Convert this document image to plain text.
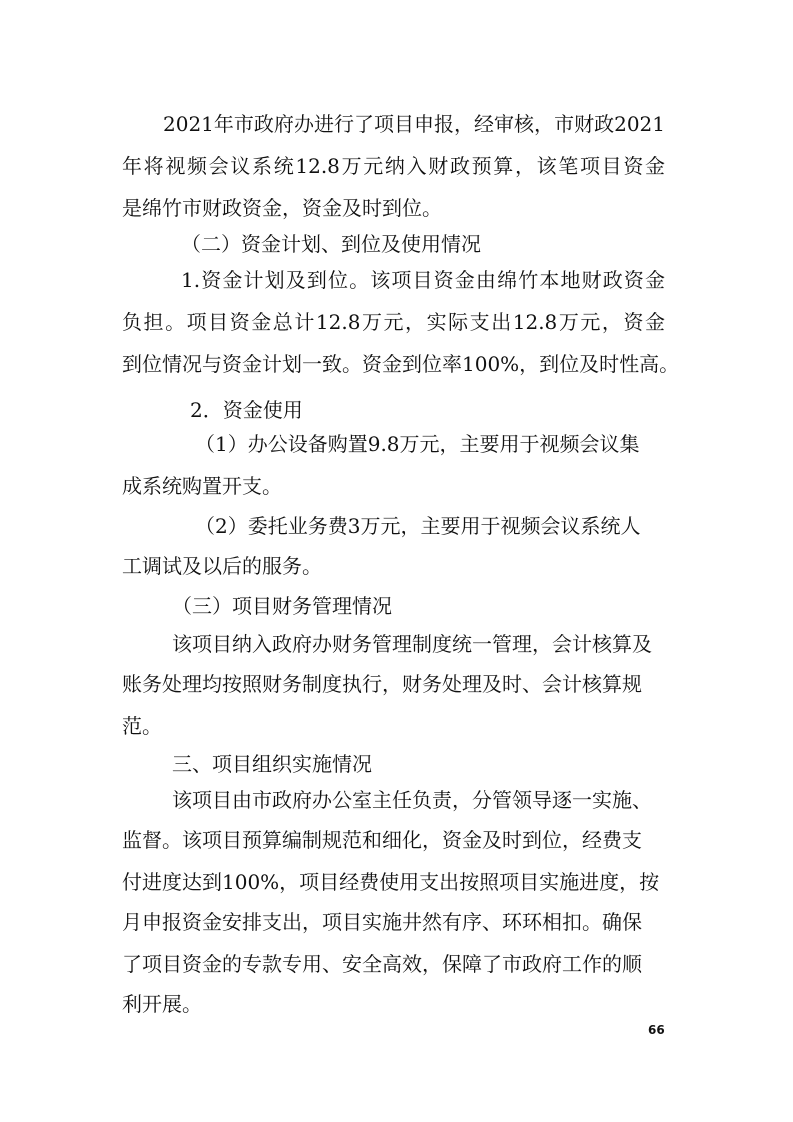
2021年市政府办进行了项目申报，经审核，市财政2021
年将视频会议系统12.8万元纳入财政预算，该笔项目资金
是绵竹市财政资金，资金及时到位。
（二）资金计划、到位及使用情况
1.资金计划及到位。该项目资金由绵竹本地财政资金
负担。项目资金总计12.8万元，实际支出12.8万元，资金
到位情况与资金计划一致。资金到位率100%，到位及时性高。
2．资金使用
（1）办公设备购置9.8万元，主要用于视频会议集
成系统购置开支。
（2）委托业务费3万元，主要用于视频会议系统人
工调试及以后的服务。
（三）项目财务管理情况
该项目纳入政府办财务管理制度统一管理，会计核算及
账务处理均按照财务制度执行，财务处理及时、会计核算规
范。
三、项目组织实施情况
该项目由市政府办公室主任负责，分管领导逐一实施、
监督。该项目预算编制规范和细化，资金及时到位，经费支
付进度达到100%，项目经费使用支出按照项目实施进度，按
月申报资金安排支出，项目实施井然有序、环环相扣。确保
了项目资金的专款专用、安全高效，保障了市政府工作的顺
利开展。
66
